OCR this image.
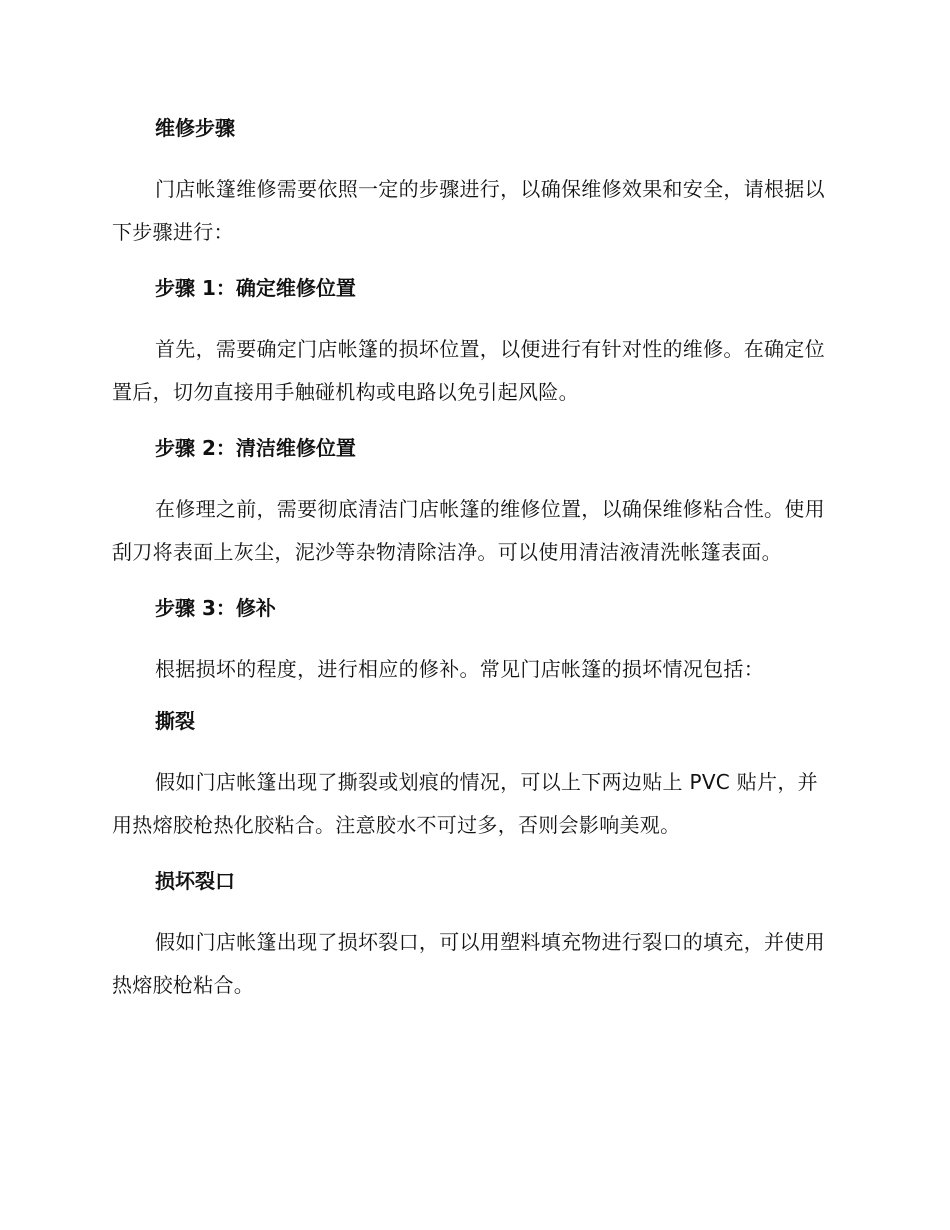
维修步骤

门店帐篷维修需要依照一定的步骤进行，以确保维修效果和安全，请根据以下步骤进行：

步骤 1：确定维修位置

首先，需要确定门店帐篷的损坏位置，以便进行有针对性的维修。在确定位置后，切勿直接用手触碰机构或电路以免引起风险。

步骤 2：清洁维修位置

在修理之前，需要彻底清洁门店帐篷的维修位置，以确保维修粘合性。使用刮刀将表面上灰尘，泥沙等杂物清除洁净。可以使用清洁液清洗帐篷表面。

步骤 3：修补

根据损坏的程度，进行相应的修补。常见门店帐篷的损坏情况包括：

撕裂

假如门店帐篷出现了撕裂或划痕的情况，可以上下两边贴上 PVC 贴片，并用热熔胶枪热化胶粘合。注意胶水不可过多，否则会影响美观。

损坏裂口

假如门店帐篷出现了损坏裂口，可以用塑料填充物进行裂口的填充，并使用热熔胶枪粘合。
